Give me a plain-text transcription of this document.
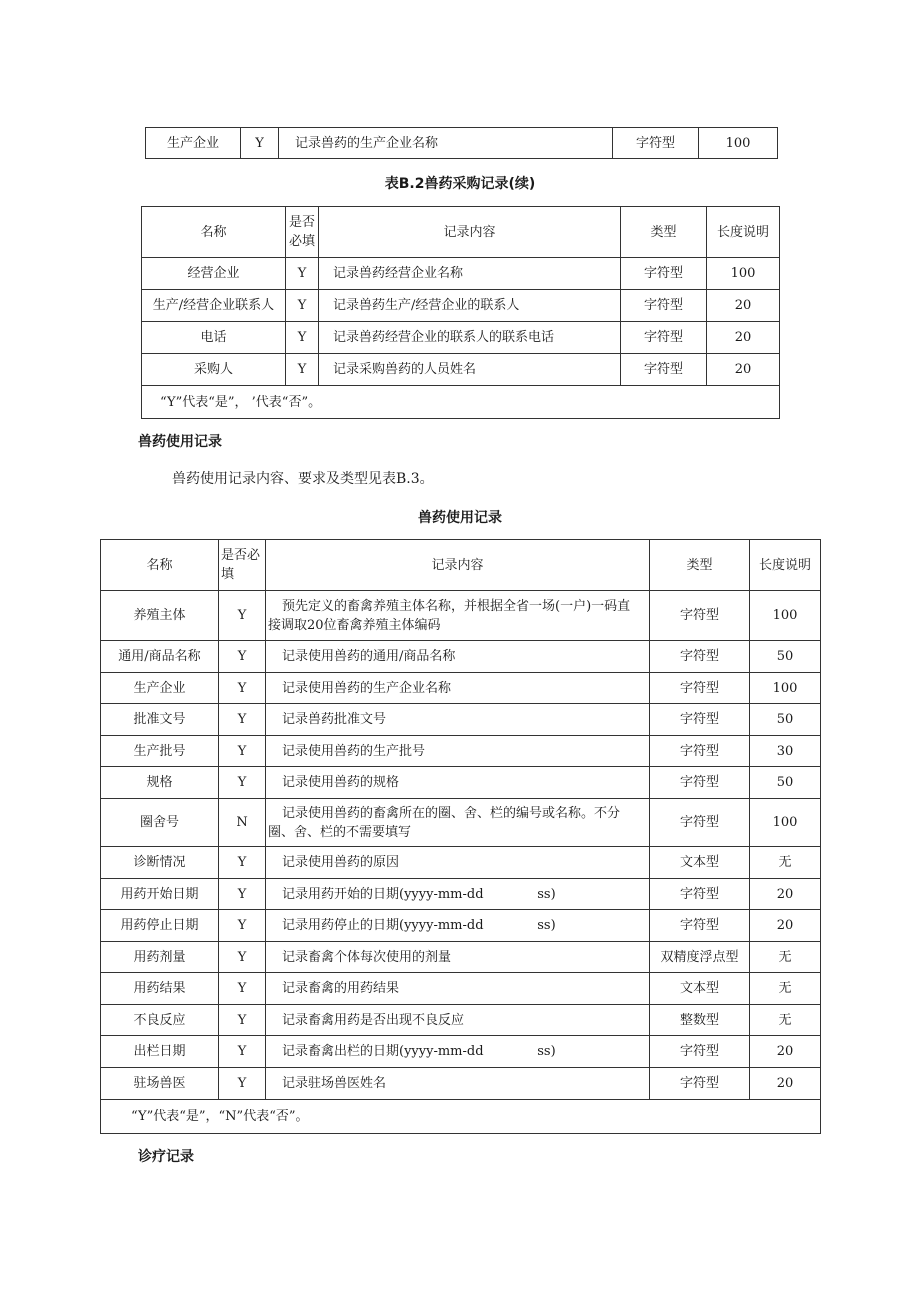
生产企业	Y	记录兽药的生产企业名称	字符型	100
表B.2兽药采购记录(续)
名称	是否必填	记录内容	类型	长度说明
经营企业	Y	记录兽药经营企业名称	字符型	100
生产/经营企业联系人	Y	记录兽药生产/经营企业的联系人	字符型	20
电话	Y	记录兽药经营企业的联系人的联系电话	字符型	20
采购人	Y	记录采购兽药的人员姓名	字符型	20
“Y”代表“是”， ’代表“否”。				
兽药使用记录
兽药使用记录内容、要求及类型见表B.3。
兽药使用记录
名称	是否必填	记录内容	类型	长度说明
养殖主体	Y	预先定义的畜禽养殖主体名称，并根据全省一场(一户)一码直接调取20位畜禽养殖主体编码	字符型	100
通用/商品名称	Y	记录使用兽药的通用/商品名称	字符型	50
生产企业	Y	记录使用兽药的生产企业名称	字符型	100
批准文号	Y	记录兽药批准文号	字符型	50
生产批号	Y	记录使用兽药的生产批号	字符型	30
规格	Y	记录使用兽药的规格	字符型	50
圈舍号	N	记录使用兽药的畜禽所在的圈、舍、栏的编号或名称。不分圈、舍、栏的不需要填写	字符型	100
诊断情况	Y	记录使用兽药的原因	文本型	无
用药开始日期	Y	记录用药开始的日期(yyyy-mm-dd             ss)	字符型	20
用药停止日期	Y	记录用药停止的日期(yyyy-mm-dd             ss)	字符型	20
用药剂量	Y	记录畜禽个体每次使用的剂量	双精度浮点型	无
用药结果	Y	记录畜禽的用药结果	文本型	无
不良反应	Y	记录畜禽用药是否出现不良反应	整数型	无
出栏日期	Y	记录畜禽出栏的日期(yyyy-mm-dd             ss)	字符型	20
驻场兽医	Y	记录驻场兽医姓名	字符型	20
“Y”代表“是”，“N”代表“否”。				
诊疗记录
